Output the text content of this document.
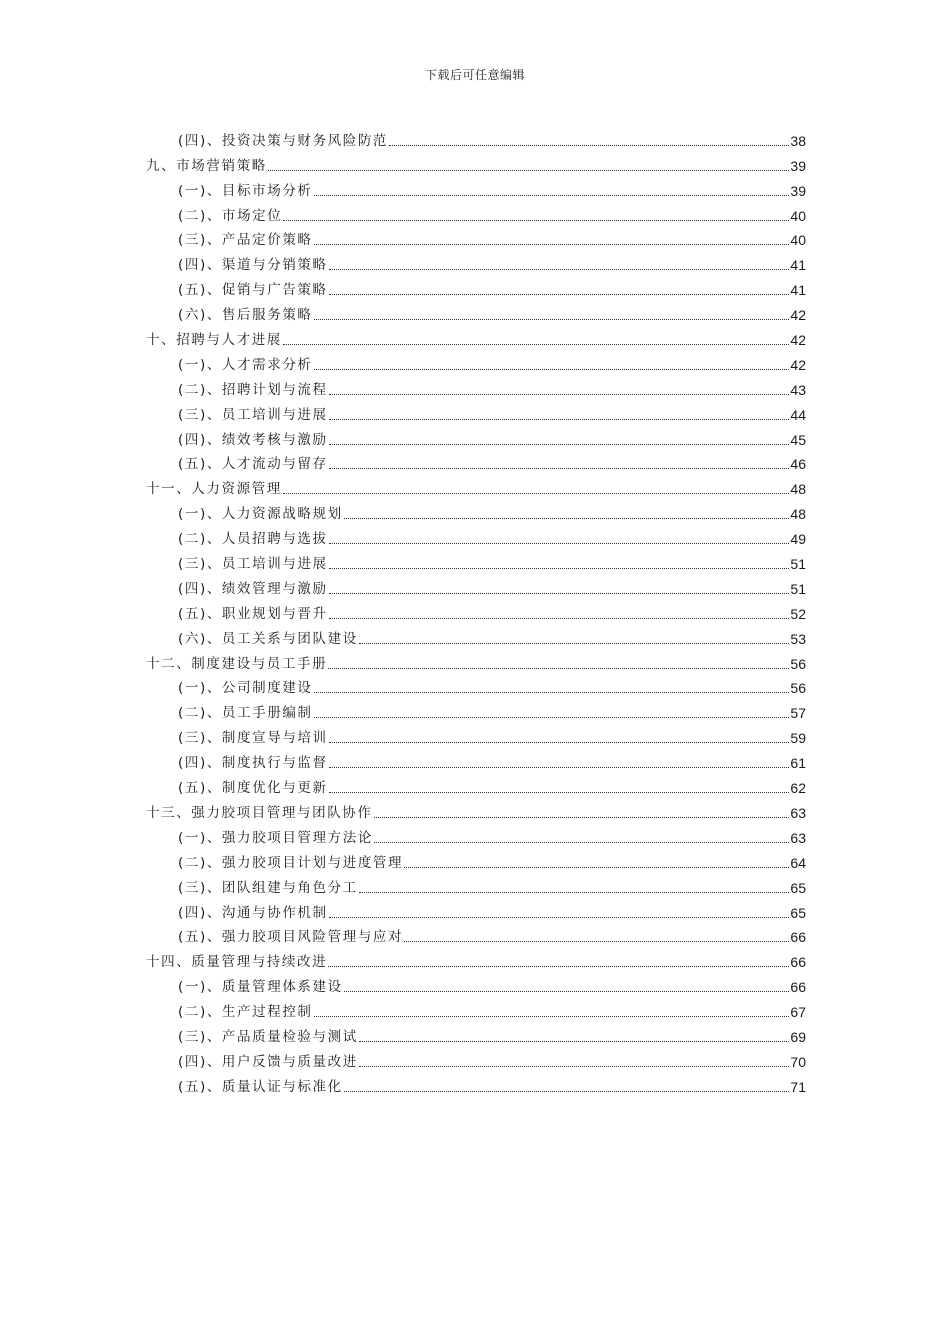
下载后可任意编辑
(四)、投资决策与财务风险防范	38
九、市场营销策略	39
(一)、目标市场分析	39
(二)、市场定位	40
(三)、产品定价策略	40
(四)、渠道与分销策略	41
(五)、促销与广告策略	41
(六)、售后服务策略	42
十、招聘与人才进展	42
(一)、人才需求分析	42
(二)、招聘计划与流程	43
(三)、员工培训与进展	44
(四)、绩效考核与激励	45
(五)、人才流动与留存	46
十一、人力资源管理	48
(一)、人力资源战略规划	48
(二)、人员招聘与选拔	49
(三)、员工培训与进展	51
(四)、绩效管理与激励	51
(五)、职业规划与晋升	52
(六)、员工关系与团队建设	53
十二、制度建设与员工手册	56
(一)、公司制度建设	56
(二)、员工手册编制	57
(三)、制度宣导与培训	59
(四)、制度执行与监督	61
(五)、制度优化与更新	62
十三、强力胶项目管理与团队协作	63
(一)、强力胶项目管理方法论	63
(二)、强力胶项目计划与进度管理	64
(三)、团队组建与角色分工	65
(四)、沟通与协作机制	65
(五)、强力胶项目风险管理与应对	66
十四、质量管理与持续改进	66
(一)、质量管理体系建设	66
(二)、生产过程控制	67
(三)、产品质量检验与测试	69
(四)、用户反馈与质量改进	70
(五)、质量认证与标准化	71
